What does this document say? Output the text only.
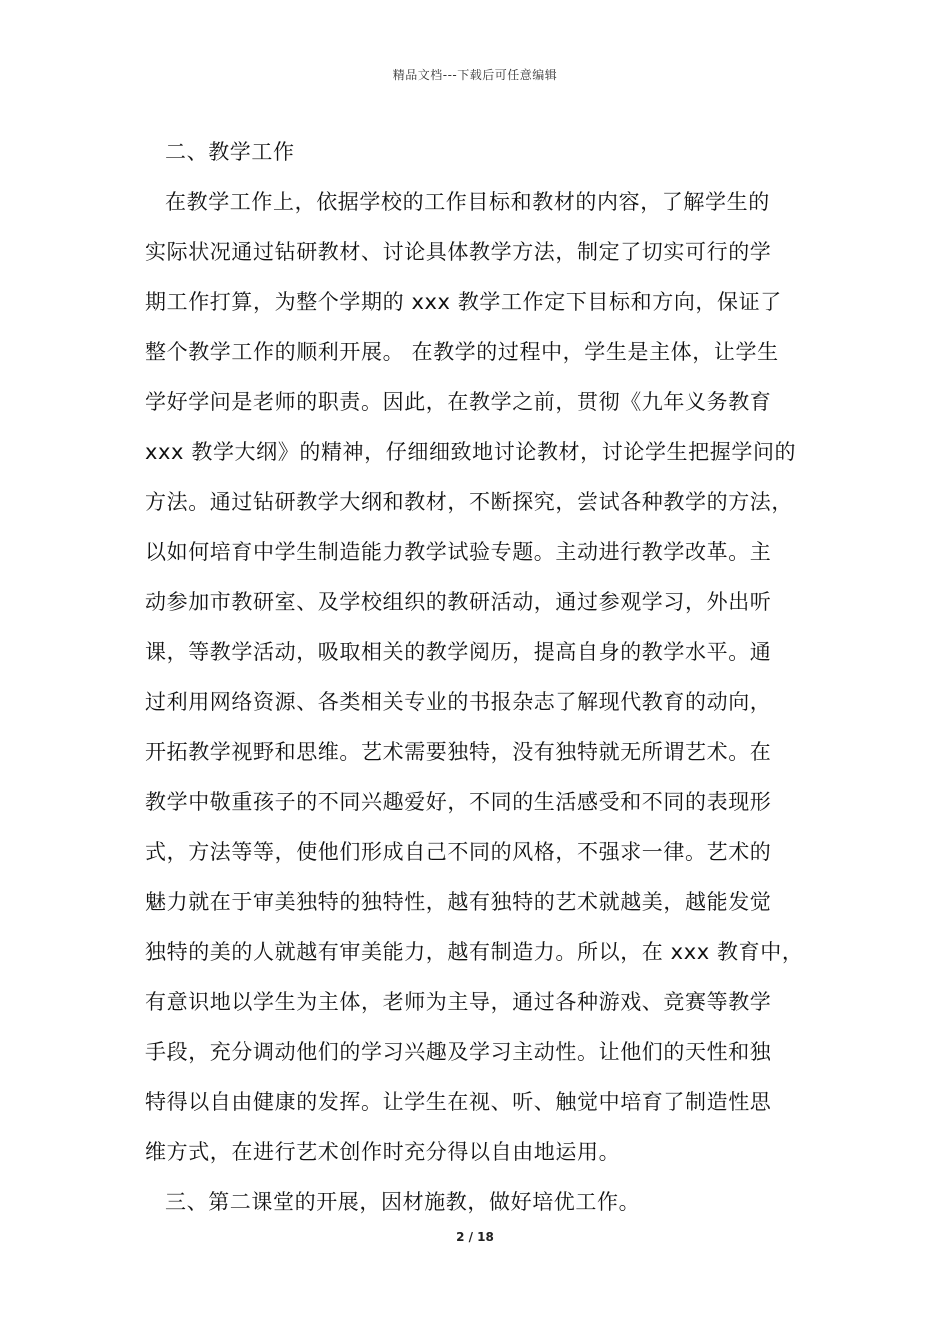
精品文档---下载后可任意编辑
二、教学工作
在教学工作上，依据学校的工作目标和教材的内容，了解学生的
实际状况通过钻研教材、讨论具体教学方法，制定了切实可行的学
期工作打算，为整个学期的 xxx 教学工作定下目标和方向，保证了
整个教学工作的顺利开展。 在教学的过程中，学生是主体，让学生
学好学问是老师的职责。因此，在教学之前，贯彻《九年义务教育
xxx 教学大纲》的精神，仔细细致地讨论教材，讨论学生把握学问的
方法。通过钻研教学大纲和教材，不断探究，尝试各种教学的方法，
以如何培育中学生制造能力教学试验专题。主动进行教学改革。主
动参加市教研室、及学校组织的教研活动，通过参观学习，外出听
课，等教学活动，吸取相关的教学阅历，提高自身的教学水平。通
过利用网络资源、各类相关专业的书报杂志了解现代教育的动向，
开拓教学视野和思维。艺术需要独特，没有独特就无所谓艺术。在
教学中敬重孩子的不同兴趣爱好，不同的生活感受和不同的表现形
式，方法等等，使他们形成自己不同的风格，不强求一律。艺术的
魅力就在于审美独特的独特性，越有独特的艺术就越美，越能发觉
独特的美的人就越有审美能力，越有制造力。所以，在 xxx 教育中，
有意识地以学生为主体，老师为主导，通过各种游戏、竞赛等教学
手段，充分调动他们的学习兴趣及学习主动性。让他们的天性和独
特得以自由健康的发挥。让学生在视、听、触觉中培育了制造性思
维方式，在进行艺术创作时充分得以自由地运用。
三、第二课堂的开展，因材施教，做好培优工作。
2 / 18
